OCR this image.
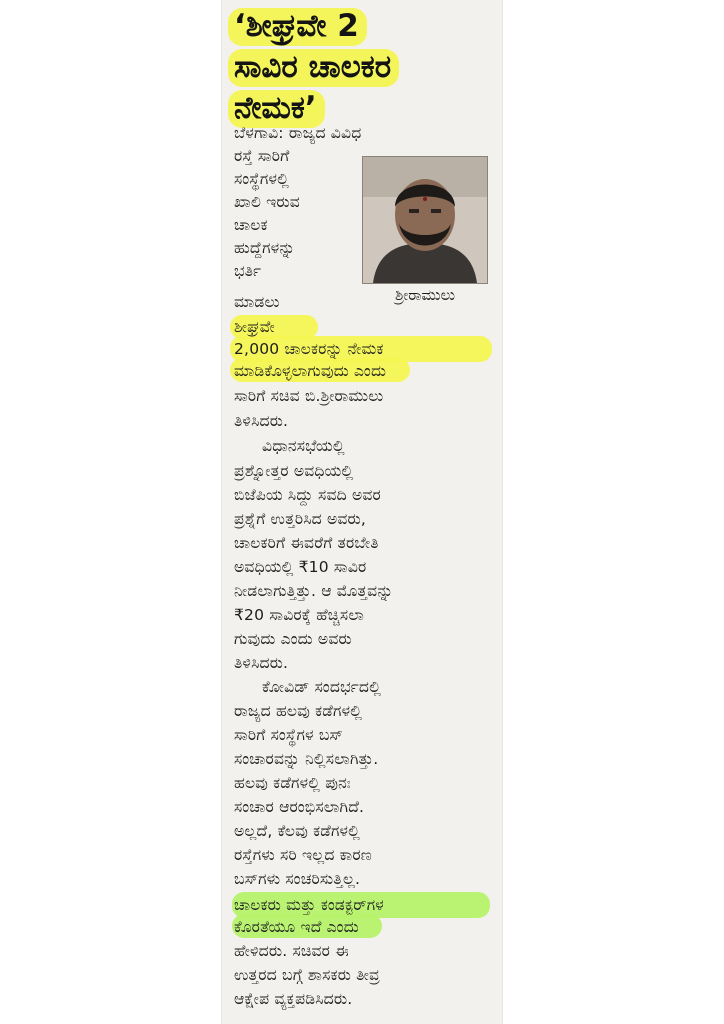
‘ಶೀಘ್ರವೇ 2
ಸಾವಿರ ಚಾಲಕರ
ನೇಮಕ’
ಶ್ರೀರಾಮುಲು
ಬೆಳಗಾವಿ: ರಾಜ್ಯದ ವಿವಿಧ
ರಸ್ತೆ ಸಾರಿಗೆ
ಸಂಸ್ಥೆಗಳಲ್ಲಿ
ಖಾಲಿ ಇರುವ
ಚಾಲಕ
ಹುದ್ದೆಗಳನ್ನು
ಭರ್ತಿ
ಮಾಡಲು
ಶೀಘ್ರವೇ
2,000 ಚಾಲಕರನ್ನು ನೇಮಕ
ಮಾಡಿಕೊಳ್ಳಲಾಗುವುದು ಎಂದು
ಸಾರಿಗೆ ಸಚಿವ ಬಿ.ಶ್ರೀರಾಮುಲು
ತಿಳಿಸಿದರು.
ವಿಧಾನಸಭೆಯಲ್ಲಿ
ಪ್ರಶ್ನೋತ್ತರ ಅವಧಿಯಲ್ಲಿ
ಬಿಜೆಪಿಯ ಸಿದ್ದು ಸವದಿ ಅವರ
ಪ್ರಶ್ನೆಗೆ ಉತ್ತರಿಸಿದ ಅವರು,
ಚಾಲಕರಿಗೆ ಈವರೆಗೆ ತರಬೇತಿ
ಅವಧಿಯಲ್ಲಿ ₹10 ಸಾವಿರ
ನೀಡಲಾಗುತ್ತಿತ್ತು. ಆ ಮೊತ್ತವನ್ನು
₹20 ಸಾವಿರಕ್ಕೆ ಹೆಚ್ಚಿಸಲಾ
ಗುವುದು ಎಂದು ಅವರು
ತಿಳಿಸಿದರು.
ಕೋವಿಡ್ ಸಂದರ್ಭದಲ್ಲಿ
ರಾಜ್ಯದ ಹಲವು ಕಡೆಗಳಲ್ಲಿ
ಸಾರಿಗೆ ಸಂಸ್ಥೆಗಳ ಬಸ್
ಸಂಚಾರವನ್ನು ನಿಲ್ಲಿಸಲಾಗಿತ್ತು.
ಹಲವು ಕಡೆಗಳಲ್ಲಿ ಪುನಃ
ಸಂಚಾರ ಆರಂಭಿಸಲಾಗಿದೆ.
ಅಲ್ಲದೆ, ಕೆಲವು ಕಡೆಗಳಲ್ಲಿ
ರಸ್ತೆಗಳು ಸರಿ ಇಲ್ಲದ ಕಾರಣ
ಬಸ್‌ಗಳು ಸಂಚರಿಸುತ್ತಿಲ್ಲ.
ಚಾಲಕರು ಮತ್ತು ಕಂಡಕ್ಟರ್‌ಗಳ
ಕೊರತೆಯೂ ಇದೆ ಎಂದು
ಹೇಳಿದರು. ಸಚಿವರ ಈ
ಉತ್ತರದ ಬಗ್ಗೆ ಶಾಸಕರು ತೀವ್ರ
ಆಕ್ಷೇಪ ವ್ಯಕ್ತಪಡಿಸಿದರು.
